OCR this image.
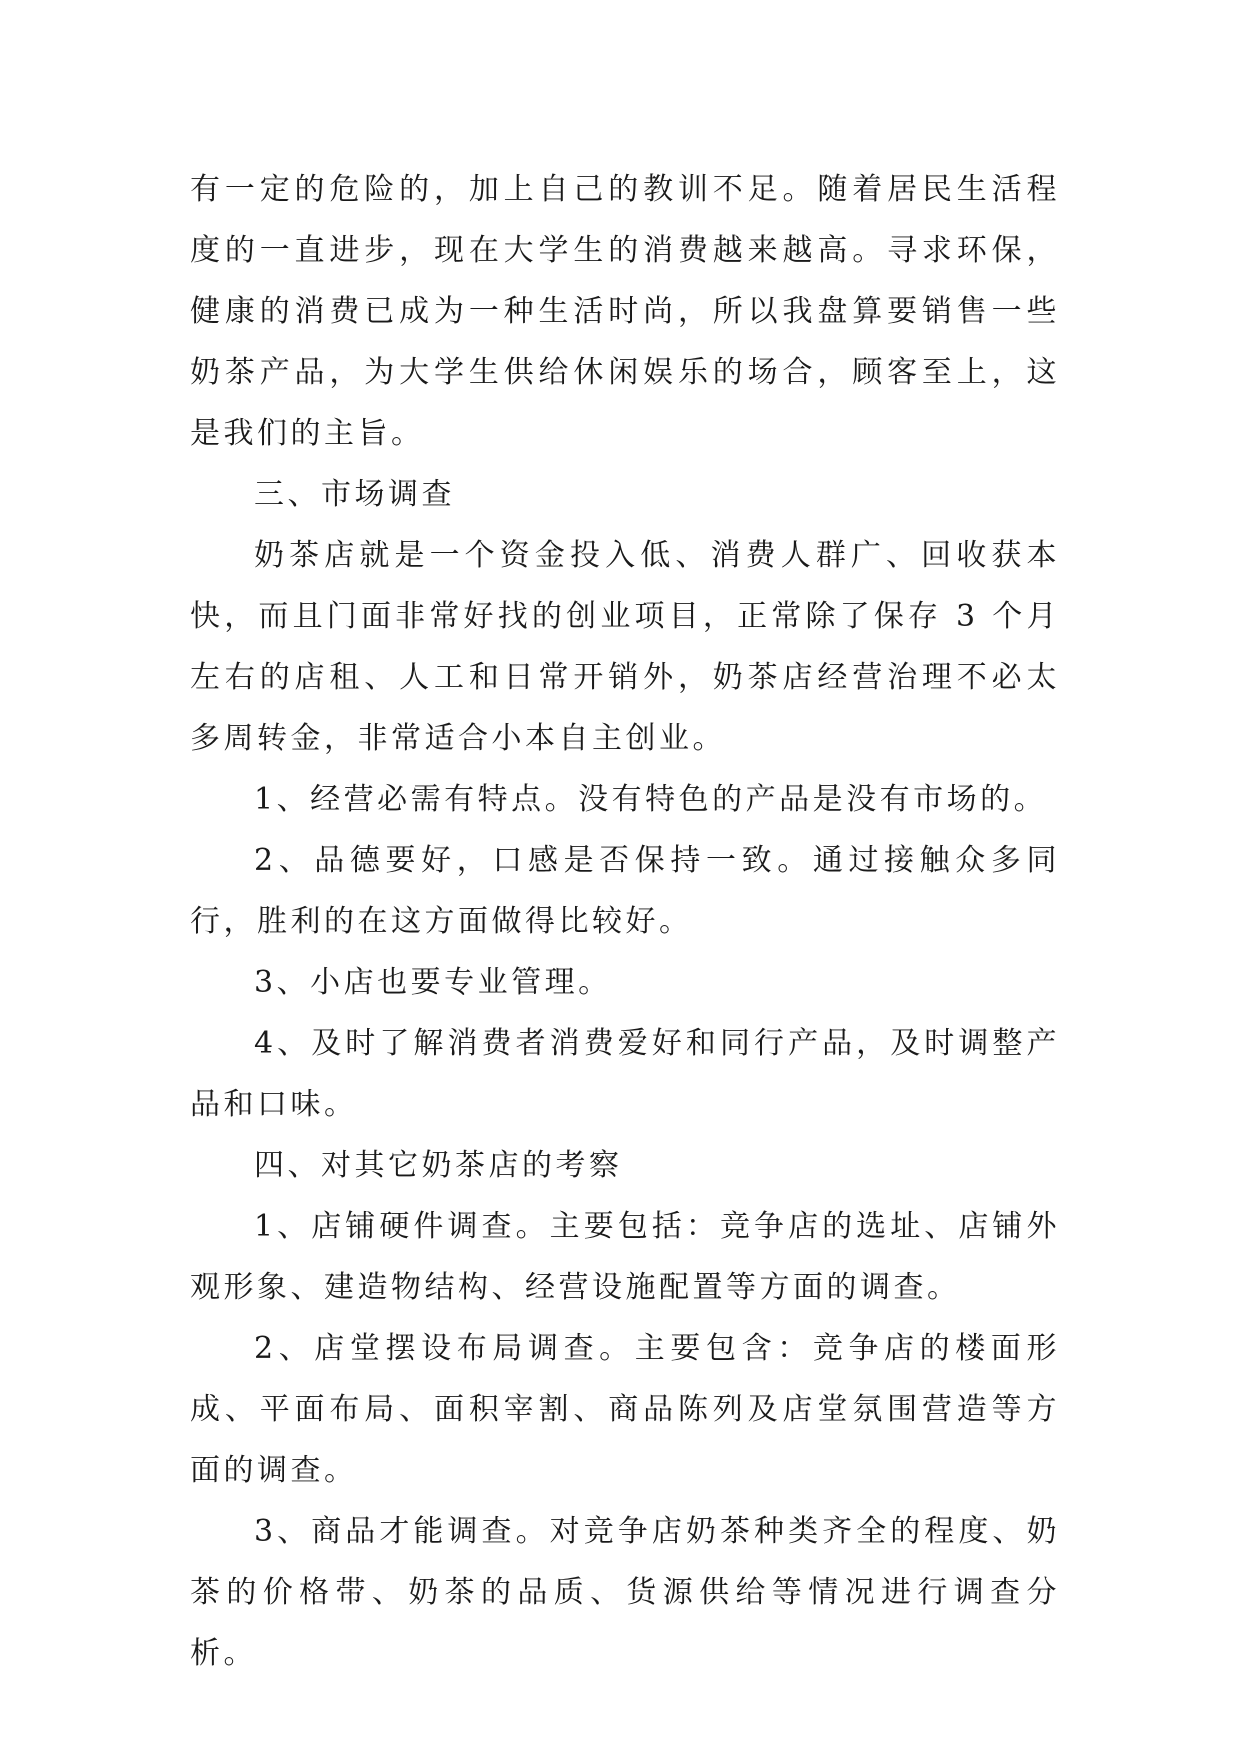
有一定的危险的，加上自己的教训不足。随着居民生活程度的一直进步，现在大学生的消费越来越高。寻求环保，健康的消费已成为一种生活时尚，所以我盘算要销售一些奶茶产品，为大学生供给休闲娱乐的场合，顾客至上，这是我们的主旨。

三、市场调查

奶茶店就是一个资金投入低、消费人群广、回收获本快，而且门面非常好找的创业项目，正常除了保存 3 个月左右的店租、人工和日常开销外，奶茶店经营治理不必太多周转金，非常适合小本自主创业。

1、经营必需有特点。没有特色的产品是没有市场的。

2、品德要好，口感是否保持一致。通过接触众多同行，胜利的在这方面做得比较好。

3、小店也要专业管理。

4、及时了解消费者消费爱好和同行产品，及时调整产品和口味。

四、对其它奶茶店的考察

1、店铺硬件调查。主要包括：竞争店的选址、店铺外观形象、建造物结构、经营设施配置等方面的调查。

2、店堂摆设布局调查。主要包含：竞争店的楼面形成、平面布局、面积宰割、商品陈列及店堂氛围营造等方面的调查。

3、商品才能调查。对竞争店奶茶种类齐全的程度、奶茶的价格带、奶茶的品质、货源供给等情况进行调查分析。
